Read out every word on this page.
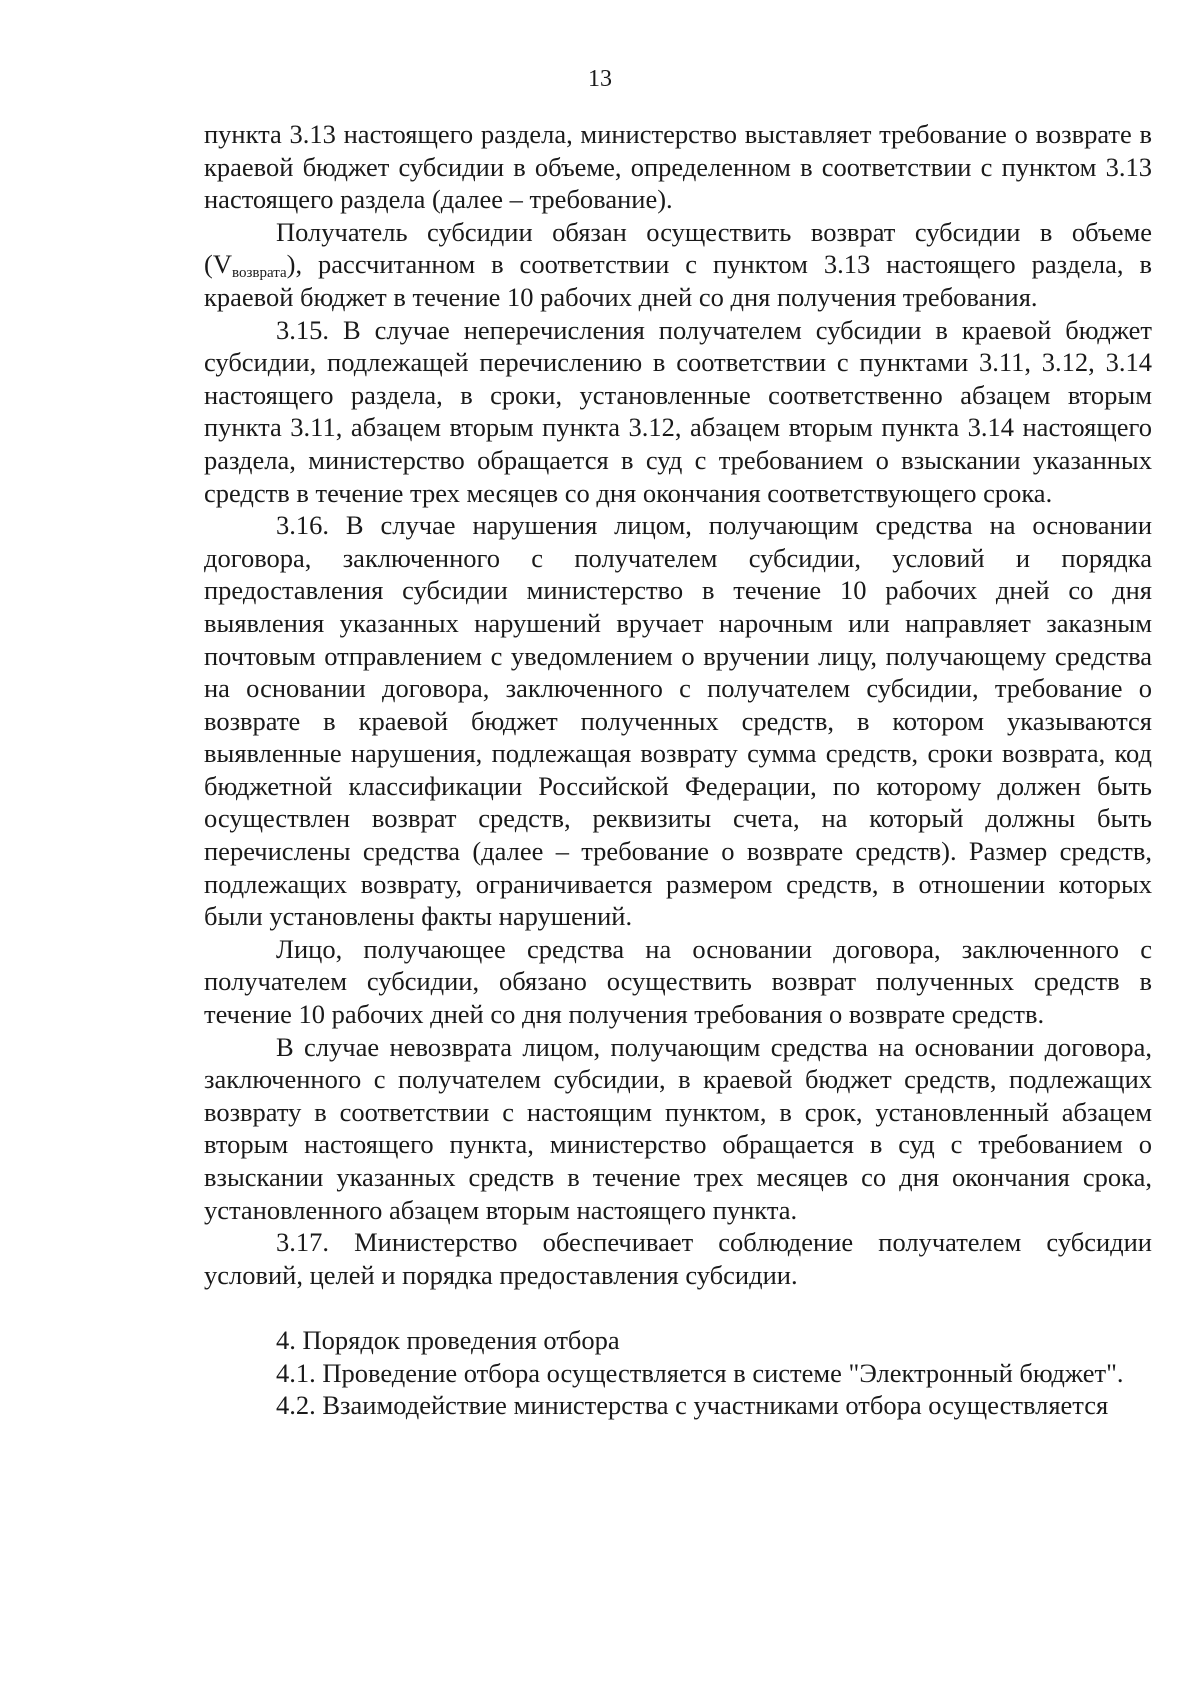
13

пункта 3.13 настоящего раздела, министерство выставляет требование о возврате в краевой бюджет субсидии в объеме, определенном в соответствии с пунктом 3.13 настоящего раздела (далее – требование).

Получатель субсидии обязан осуществить возврат субсидии в объеме $(V_{возврата})$, рассчитанном в соответствии с пунктом 3.13 настоящего раздела, в краевой бюджет в течение 10 рабочих дней со дня получения требования.

3.15. В случае неперечисления получателем субсидии в краевой бюджет субсидии, подлежащей перечислению в соответствии с пунктами 3.11, 3.12, 3.14 настоящего раздела, в сроки, установленные соответственно абзацем вторым пункта 3.11, абзацем вторым пункта 3.12, абзацем вторым пункта 3.14 настоящего раздела, министерство обращается в суд с требованием о взыскании указанных средств в течение трех месяцев со дня окончания соответствующего срока.

3.16. В случае нарушения лицом, получающим средства на основании договора, заключенного с получателем субсидии, условий и порядка предоставления субсидии министерство в течение 10 рабочих дней со дня выявления указанных нарушений вручает нарочным или направляет заказным почтовым отправлением с уведомлением о вручении лицу, получающему средства на основании договора, заключенного с получателем субсидии, требование о возврате в краевой бюджет полученных средств, в котором указываются выявленные нарушения, подлежащая возврату сумма средств, сроки возврата, код бюджетной классификации Российской Федерации, по которому должен быть осуществлен возврат средств, реквизиты счета, на который должны быть перечислены средства (далее – требование о возврате средств). Размер средств, подлежащих возврату, ограничивается размером средств, в отношении которых были установлены факты нарушений.

Лицо, получающее средства на основании договора, заключенного с получателем субсидии, обязано осуществить возврат полученных средств в течение 10 рабочих дней со дня получения требования о возврате средств.

В случае невозврата лицом, получающим средства на основании договора, заключенного с получателем субсидии, в краевой бюджет средств, подлежащих возврату в соответствии с настоящим пунктом, в срок, установленный абзацем вторым настоящего пункта, министерство обращается в суд с требованием о взыскании указанных средств в течение трех месяцев со дня окончания срока, установленного абзацем вторым настоящего пункта.

3.17. Министерство обеспечивает соблюдение получателем субсидии условий, целей и порядка предоставления субсидии.

4. Порядок проведения отбора

4.1. Проведение отбора осуществляется в системе "Электронный бюджет".

4.2. Взаимодействие министерства с участниками отбора осуществляется
